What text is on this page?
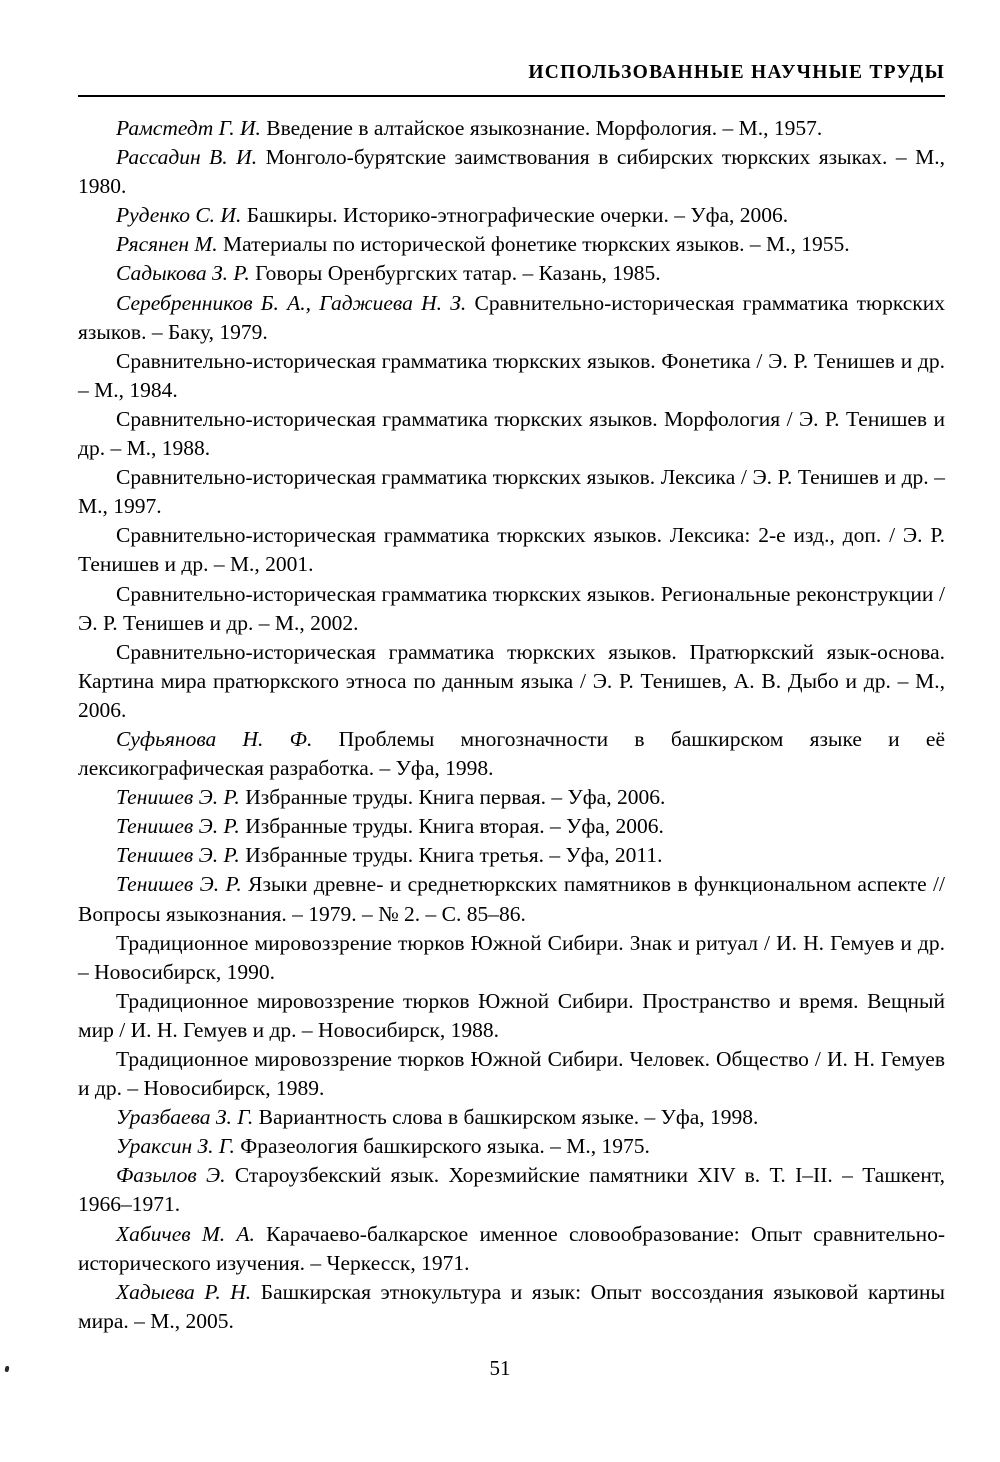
ИСПОЛЬЗОВАННЫЕ НАУЧНЫЕ ТРУДЫ

Рамстедт Г. И. Введение в алтайское языкознание. Морфология. – М., 1957.

Рассадин В. И. Монголо-бурятские заимствования в сибирских тюркских языках. – М., 1980.

Руденко С. И. Башкиры. Историко-этнографические очерки. – Уфа, 2006.

Рясянен М. Материалы по исторической фонетике тюркских языков. – М., 1955.

Садыкова З. Р. Говоры Оренбургских татар. – Казань, 1985.

Серебренников Б. А., Гаджиева Н. З. Сравнительно-историческая грамматика тюркских языков. – Баку, 1979.

Сравнительно-историческая грамматика тюркских языков. Фонетика / Э. Р. Тенишев и др. – М., 1984.

Сравнительно-историческая грамматика тюркских языков. Морфология / Э. Р. Тенишев и др. – М., 1988.

Сравнительно-историческая грамматика тюркских языков. Лексика / Э. Р. Тенишев и др. – М., 1997.

Сравнительно-историческая грамматика тюркских языков. Лексика: 2-е изд., доп. / Э. Р. Тенишев и др. – М., 2001.

Сравнительно-историческая грамматика тюркских языков. Региональные реконструкции / Э. Р. Тенишев и др. – М., 2002.

Сравнительно-историческая грамматика тюркских языков. Пратюркский язык-основа. Картина мира пратюркского этноса по данным языка / Э. Р. Тенишев, А. В. Дыбо и др. – М., 2006.

Суфьянова Н. Ф. Проблемы многозначности в башкирском языке и её лексикографическая разработка. – Уфа, 1998.

Тенишев Э. Р. Избранные труды. Книга первая. – Уфа, 2006.

Тенишев Э. Р. Избранные труды. Книга вторая. – Уфа, 2006.

Тенишев Э. Р. Избранные труды. Книга третья. – Уфа, 2011.

Тенишев Э. Р. Языки древне- и среднетюркских памятников в функциональном аспекте // Вопросы языкознания. – 1979. – № 2. – С. 85–86.

Традиционное мировоззрение тюрков Южной Сибири. Знак и ритуал / И. Н. Гемуев и др. – Новосибирск, 1990.

Традиционное мировоззрение тюрков Южной Сибири. Пространство и время. Вещный мир / И. Н. Гемуев и др. – Новосибирск, 1988.

Традиционное мировоззрение тюрков Южной Сибири. Человек. Общество / И. Н. Гемуев и др. – Новосибирск, 1989.

Уразбаева З. Г. Вариантность слова в башкирском языке. – Уфа, 1998.

Уракcин З. Г. Фразеология башкирского языка. – М., 1975.

Фазылов Э. Староузбекский язык. Хорезмийские памятники XIV в. Т. I–II. – Ташкент, 1966–1971.

Хабичев М. А. Карачаево-балкарское именное словообразование: Опыт сравнительно-исторического изучения. – Черкесск, 1971.

Хадыева Р. Н. Башкирская этнокультура и язык: Опыт воссоздания языковой картины мира. – М., 2005.

51
